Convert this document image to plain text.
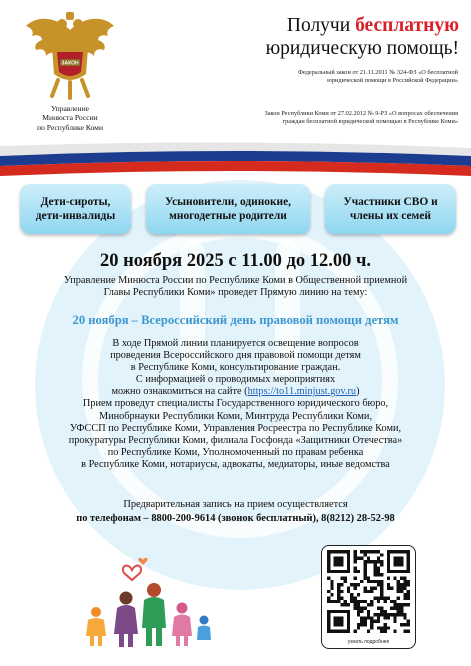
ЗАКОН
Управление
Минюста России
по Республике Коми
Получи бесплатную
юридическую помощь!
Федеральный закон от 21.11.2011 № 324-ФЗ «О бесплатной
юридической помощи в Российской Федерации»
Закон Республики Коми от 27.02.2012 № 9-РЗ «О вопросах обеспечения
граждан бесплатной юридической помощью в Республике Коми»
Дети-сироты,
дети-инвалиды
Усыновители, одинокие,
многодетные родители
Участники СВО и
члены их семей
20 ноября 2025 с 11.00 до 12.00 ч.
Управление Минюста России по Республике Коми в Общественной приемной
Главы Республики Коми» проведет Прямую линию на тему:
20 ноября – Всероссийский день правовой помощи детям
В ходе Прямой линии планируется освещение вопросов
проведения Всероссийского дня правовой помощи детям
в Республике Коми, консультирование граждан.
С информацией о проводимых мероприятиях
можно ознакомиться на сайте (https://to11.minjust.gov.ru)
Прием проведут специалисты Государственного юридического бюро,
Минобрнауки Республики Коми, Минтруда Республики Коми,
УФССП по Республике Коми, Управления Росреестра по Республике Коми,
прокуратуры Республики Коми, филиала Госфонда «Защитники Отечества»
по Республике Коми, Уполномоченный по правам ребенка
в Республике Коми, нотариусы, адвокаты, медиаторы, иные ведомства
Предварительная запись на прием осуществляется
по телефонам – 8800-200-9614 (звонок бесплатный), 8(8212) 28-52-98
узнать подробнее
